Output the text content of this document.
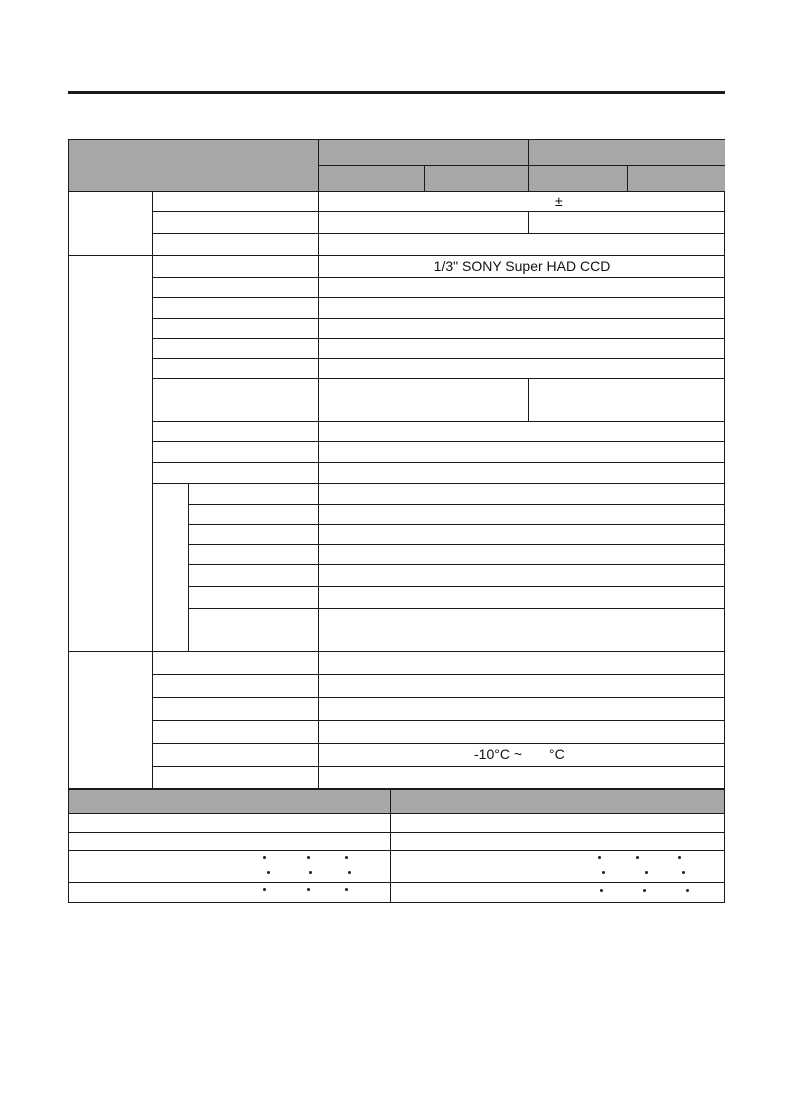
±
1/3" SONY Super HAD CCD
-10°C ~ °C
